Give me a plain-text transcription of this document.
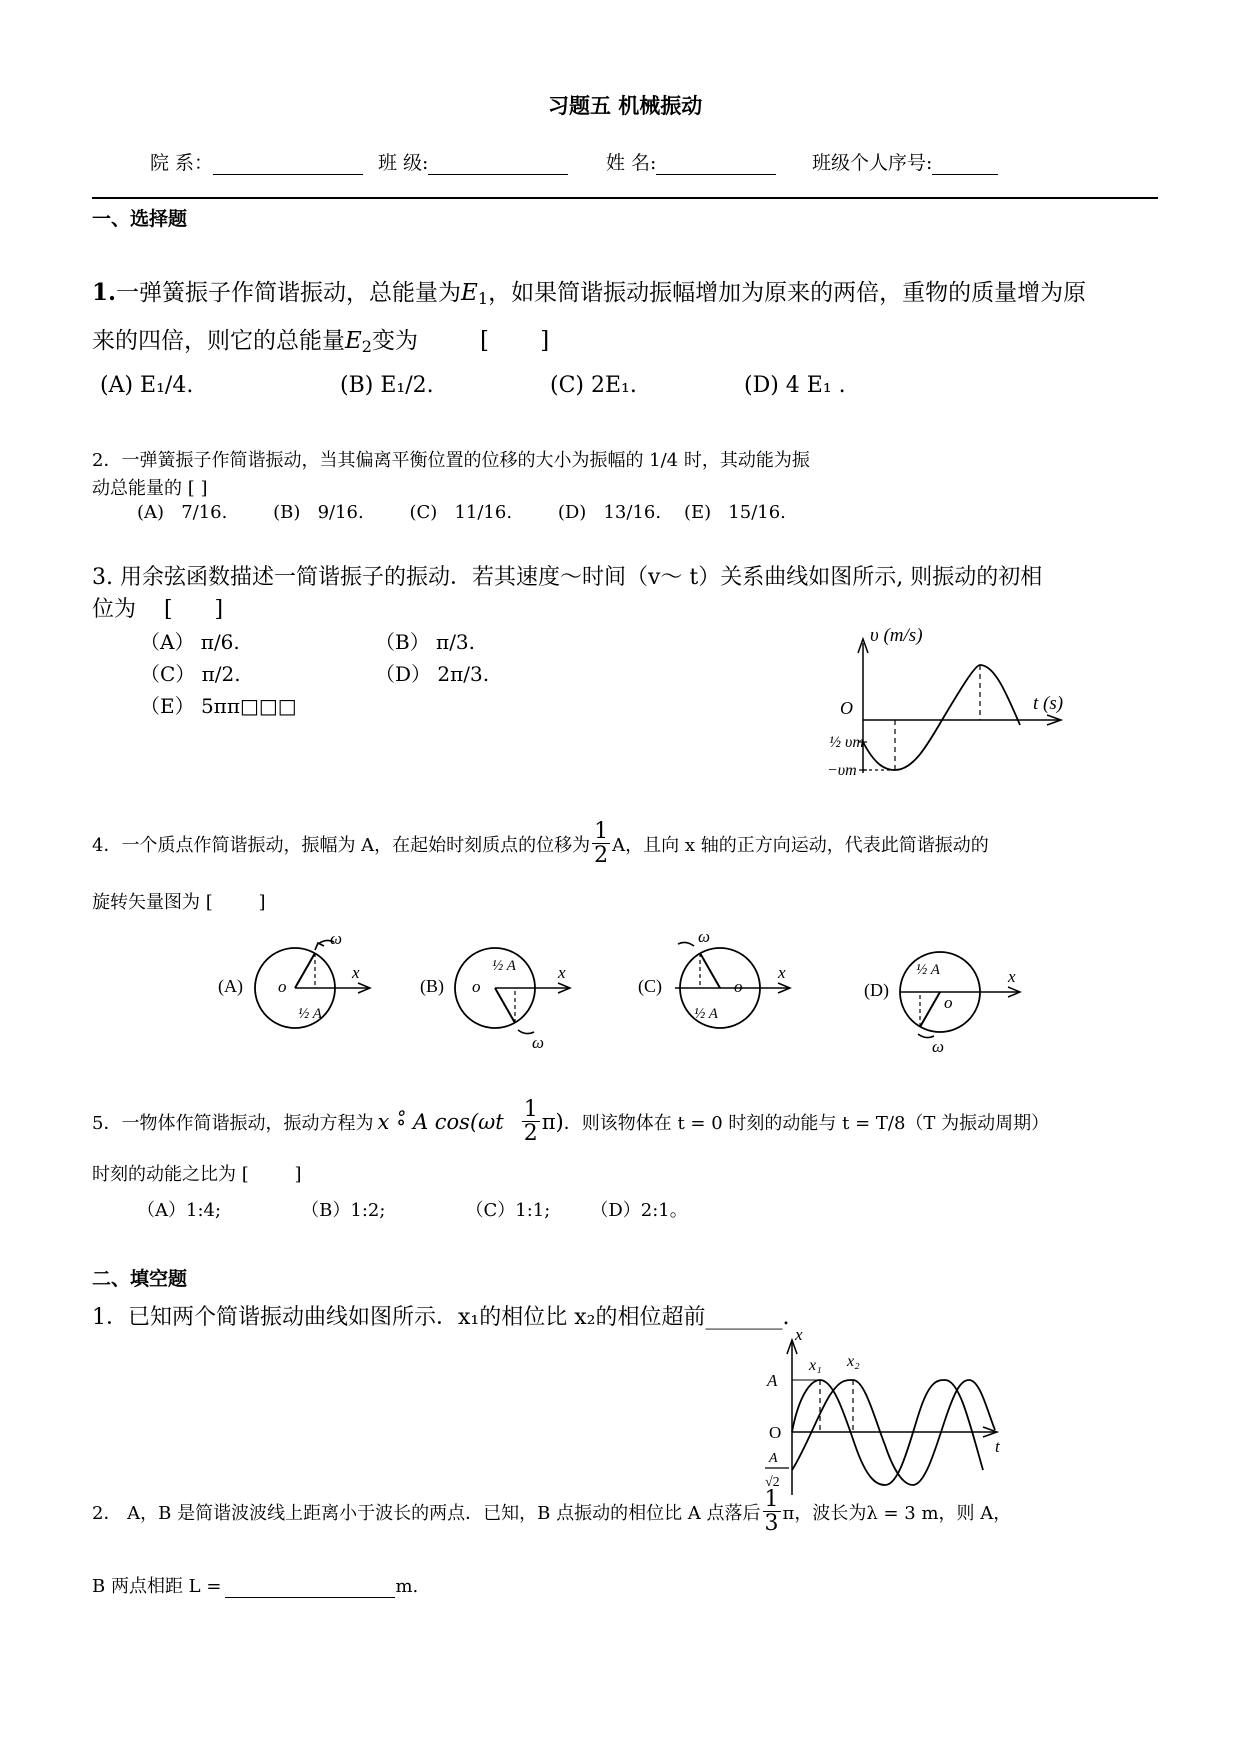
习题五 机械振动
院 系：	班 级:	姓 名:	班级个人序号:
一、选择题
1.一弹簧振子作简谐振动，总能量为$E_1$，如果简谐振动振幅增加为原来的两倍，重物的质量增为原
来的四倍，则它的总能量$E_2$变为	[       ]
(A) E₁/4.	(B) E₁/2.	(C) 2E₁.	(D) 4 E₁ .
2．一弹簧振子作简谐振动，当其偏离平衡位置的位移的大小为振幅的 1/4 时，其动能为振
动总能量的 [ ]
(A)   7/16.        (B)   9/16.        (C)   11/16.        (D)   13/16.    (E)   15/16.
3. 用余弦函数描述一简谐振子的振动．若其速度～时间（v～ t）关系曲线如图所示, 则振动的初相
位为    [      ]
（A） π/6.	（B） π/3.
（C） π/2.	（D） 2π/3.
（E） 5ππ□□□
υ (m/s)
t (s)
O
½ υm
−υm
4．一个质点作简谐振动，振幅为 A，在起始时刻质点的位移为 $\frac{1}{2}$ A，且向 x 轴的正方向运动，代表此简谐振动的
旋转矢量图为 [        ]
(A)
ω
o
x
½ A
(B)
ω
o
x
½ A
(C)
ω
o
x
½ A
(D)
ω
o
x
½ A
5．一物体作简谐振动，振动方程为 x ∘̊ A $\cos(\omega t \frac{1}{2} \pi)$ ．则该物体在 t = 0 时刻的动能与 t = T/8（T 为振动周期）
时刻的动能之比为 [        ]
（A）1:4;              （B）1:2;              （C）1:1;       （D）2:1。
二、填空题
1．已知两个简谐振动曲线如图所示．x₁的相位比 x₂的相位超前_______.
x
t
A
O
x₁ x₂
A
√2
2． A，B 是简谐波波线上距离小于波长的两点．已知，B 点振动的相位比 A 点落后 $\frac{1}{3}$ π，波长为λ = 3 m，则 A，
B 两点相距 L =	m.
